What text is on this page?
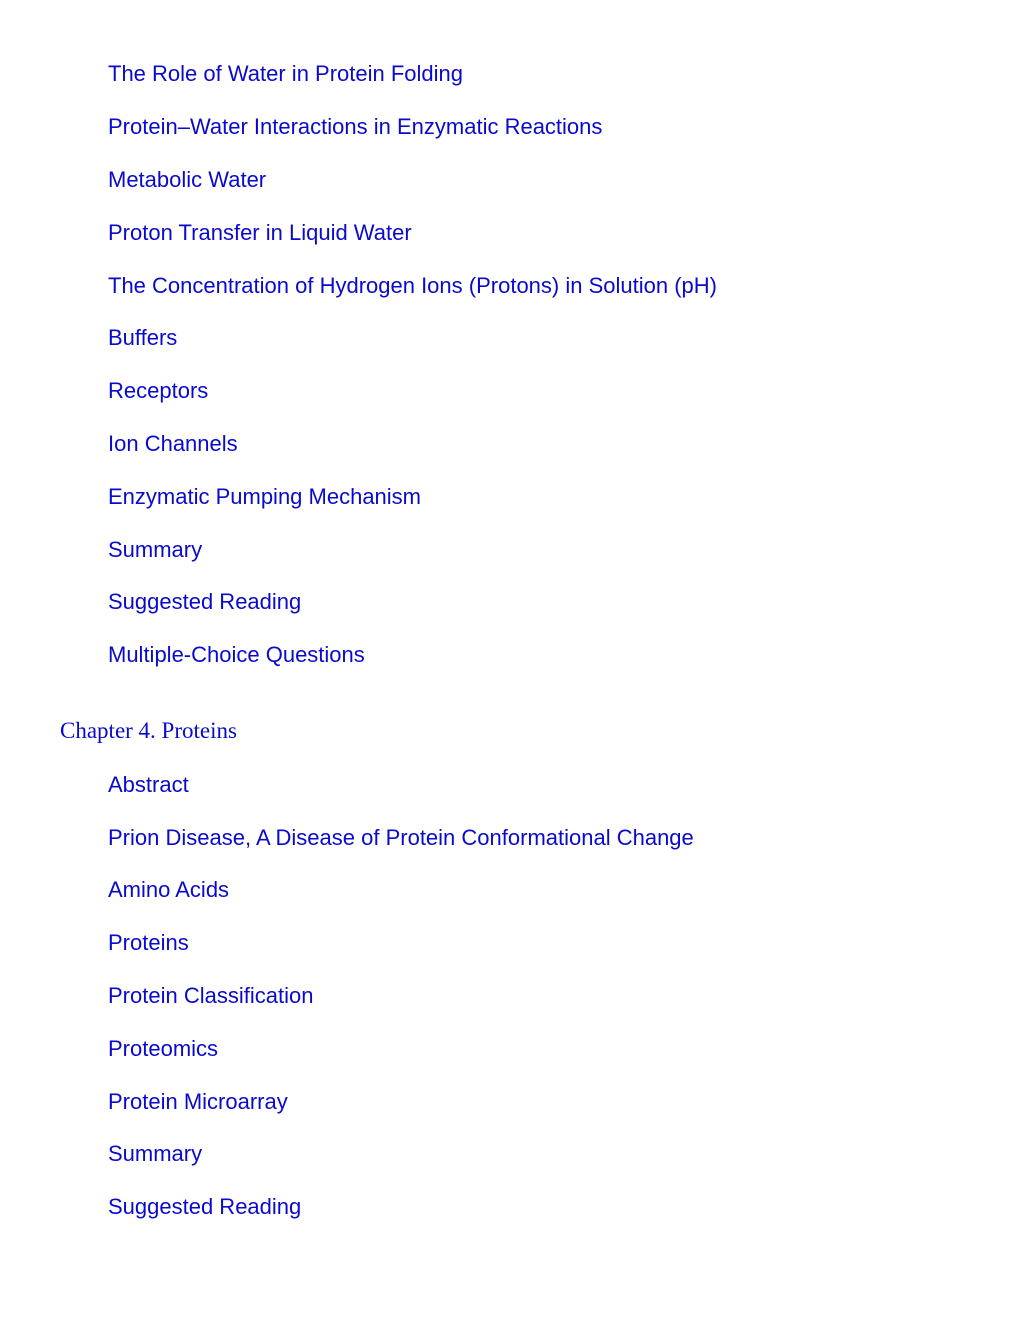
The Role of Water in Protein Folding
Protein–Water Interactions in Enzymatic Reactions
Metabolic Water
Proton Transfer in Liquid Water
The Concentration of Hydrogen Ions (Protons) in Solution (pH)
Buffers
Receptors
Ion Channels
Enzymatic Pumping Mechanism
Summary
Suggested Reading
Multiple-Choice Questions
Chapter 4. Proteins
Abstract
Prion Disease, A Disease of Protein Conformational Change
Amino Acids
Proteins
Protein Classification
Proteomics
Protein Microarray
Summary
Suggested Reading
